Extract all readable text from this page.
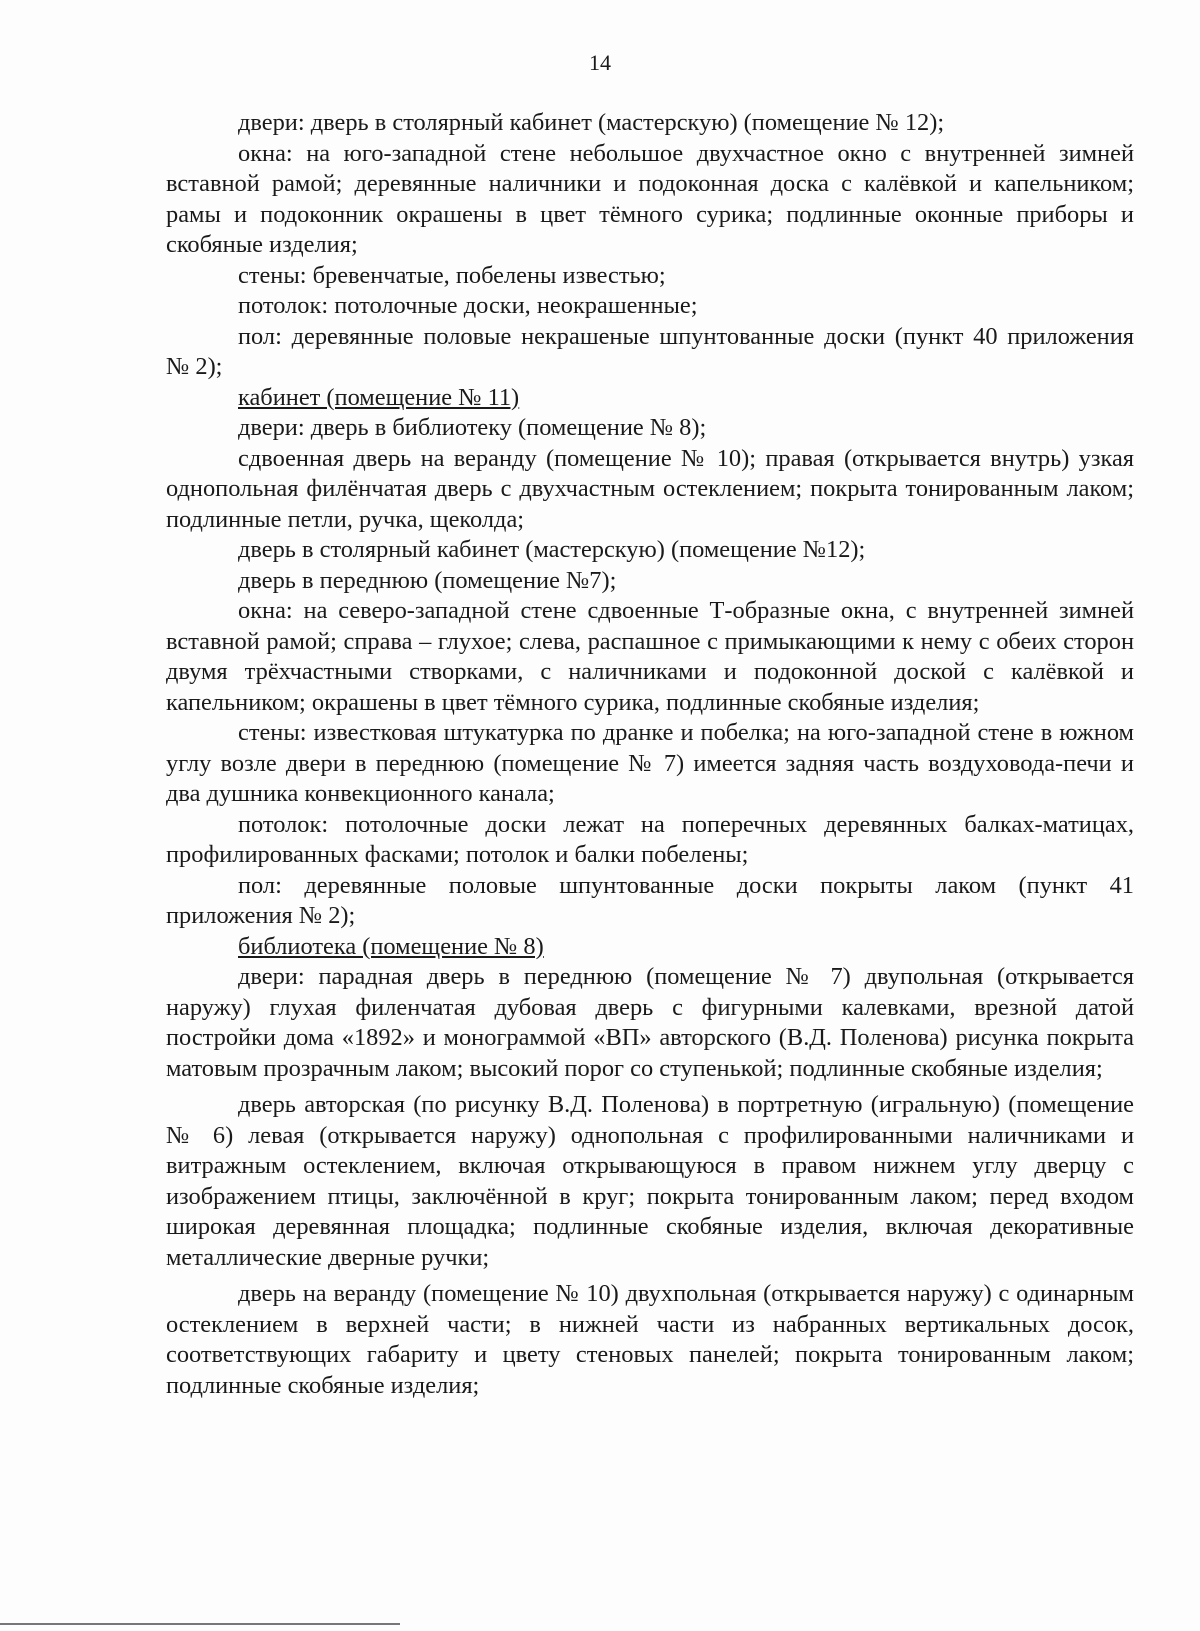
14

двери: дверь в столярный кабинет (мастерскую) (помещение № 12);

окна: на юго-западной стене небольшое двухчастное окно с внутренней зимней вставной рамой; деревянные наличники и подоконная доска с калёвкой и капельником; рамы и подоконник окрашены в цвет тёмного сурика; подлинные оконные приборы и скобяные изделия;

стены: бревенчатые, побелены известью;

потолок: потолочные доски, неокрашенные;

пол: деревянные половые некрашеные шпунтованные доски (пункт 40 приложения № 2);

кабинет (помещение № 11)

двери: дверь в библиотеку (помещение № 8);

сдвоенная дверь на веранду (помещение № 10); правая (открывается внутрь) узкая однопольная филёнчатая дверь с двухчастным остеклением; покрыта тонированным лаком; подлинные петли, ручка, щеколда;

дверь в столярный кабинет (мастерскую) (помещение №12);

дверь в переднюю (помещение №7);

окна: на северо-западной стене сдвоенные Т-образные окна, с внутренней зимней вставной рамой; справа – глухое; слева, распашное с примыкающими к нему с обеих сторон двумя трёхчастными створками, с наличниками и подоконной доской с калёвкой и капельником; окрашены в цвет тёмного сурика, подлинные скобяные изделия;

стены: известковая штукатурка по дранке и побелка; на юго-западной стене в южном углу возле двери в переднюю (помещение № 7) имеется задняя часть воздуховода-печи и два душника конвекционного канала;

потолок: потолочные доски лежат на поперечных деревянных балках-матицах, профилированных фасками; потолок и балки побелены;

пол: деревянные половые шпунтованные доски покрыты лаком (пункт 41 приложения № 2);

библиотека (помещение № 8)

двери: парадная дверь в переднюю (помещение № 7) двупольная (открывается наружу) глухая филенчатая дубовая дверь с фигурными калевками, врезной датой постройки дома «1892» и монограммой «ВП» авторского (В.Д. Поленова) рисунка покрыта матовым прозрачным лаком; высокий порог со ступенькой; подлинные скобяные изделия;

дверь авторская (по рисунку В.Д. Поленова) в портретную (игральную) (помещение № 6) левая (открывается наружу) однопольная с профилированными наличниками и витражным остеклением, включая открывающуюся в правом нижнем углу дверцу с изображением птицы, заключённой в круг; покрыта тонированным лаком; перед входом широкая деревянная площадка; подлинные скобяные изделия, включая декоративные металлические дверные ручки;

дверь на веранду (помещение № 10) двухпольная (открывается наружу) с одинарным остеклением в верхней части; в нижней части из набранных вертикальных досок, соответствующих габариту и цвету стеновых панелей; покрыта тонированным лаком; подлинные скобяные изделия;
